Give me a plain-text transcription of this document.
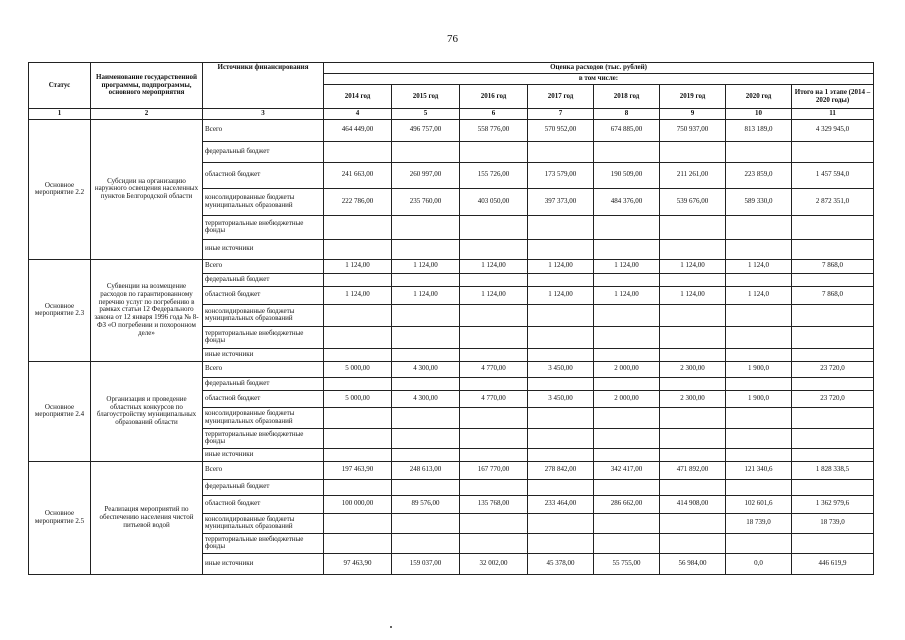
76
Статус	Наименование государственной программы, подпрограммы, основного мероприятия	Источники финансирования	Оценка расходов (тыс. рублей)							
			в том числе:							
			2014 год	2015 год	2016 год	2017 год	2018 год	2019 год	2020 год	Итого на 1 этапе (2014 – 2020 годы)
1	2	3	4	5	6	7	8	9	10	11
Основное мероприятие 2.2	Субсидии на организацию наружного освещения населенных пунктов Белгородской области	Всего	464 449,00	496 757,00	558 776,00	570 952,00	674 885,00	750 937,00	813 189,0	4 329 945,0
		федеральный бюджет								
		областной бюджет	241 663,00	260 997,00	155 726,00	173 579,00	190 509,00	211 261,00	223 859,0	1 457 594,0
		консолидированные бюджеты муниципальных образований	222 786,00	235 760,00	403 050,00	397 373,00	484 376,00	539 676,00	589 330,0	2 872 351,0
		территориальные внебюджетные фонды								
		иные источники								
Основное мероприятие 2.3	Субвенции на возмещение расходов по гарантированному перечню услуг по погребению в рамках статьи 12 Федерального закона от 12 января 1996 года № 8-ФЗ «О погребении и похоронном деле»	Всего	1 124,00	1 124,00	1 124,00	1 124,00	1 124,00	1 124,00	1 124,0	7 868,0
		федеральный бюджет								
		областной бюджет	1 124,00	1 124,00	1 124,00	1 124,00	1 124,00	1 124,00	1 124,0	7 868,0
		консолидированные бюджеты муниципальных образований								
		территориальные внебюджетные фонды								
		иные источники								
Основное мероприятие 2.4	Организация и проведение областных конкурсов по благоустройству муниципальных образований области	Всего	5 000,00	4 300,00	4 770,00	3 450,00	2 000,00	2 300,00	1 900,0	23 720,0
		федеральный бюджет								
		областной бюджет	5 000,00	4 300,00	4 770,00	3 450,00	2 000,00	2 300,00	1 900,0	23 720,0
		консолидированные бюджеты муниципальных образований								
		территориальные внебюджетные фонды								
		иные источники								
Основное мероприятие 2.5	Реализация мероприятий по обеспечению населения чистой питьевой водой	Всего	197 463,90	248 613,00	167 770,00	278 842,00	342 417,00	471 892,00	121 340,6	1 828 338,5
		федеральный бюджет								
		областной бюджет	100 000,00	89 576,00	135 768,00	233 464,00	286 662,00	414 908,00	102 601,6	1 362 979,6
		консолидированные бюджеты муниципальных образований							18 739,0	18 739,0
		территориальные внебюджетные фонды								
		иные источники	97 463,90	159 037,00	32 002,00	45 378,00	55 755,00	56 984,00	0,0	446 619,9
